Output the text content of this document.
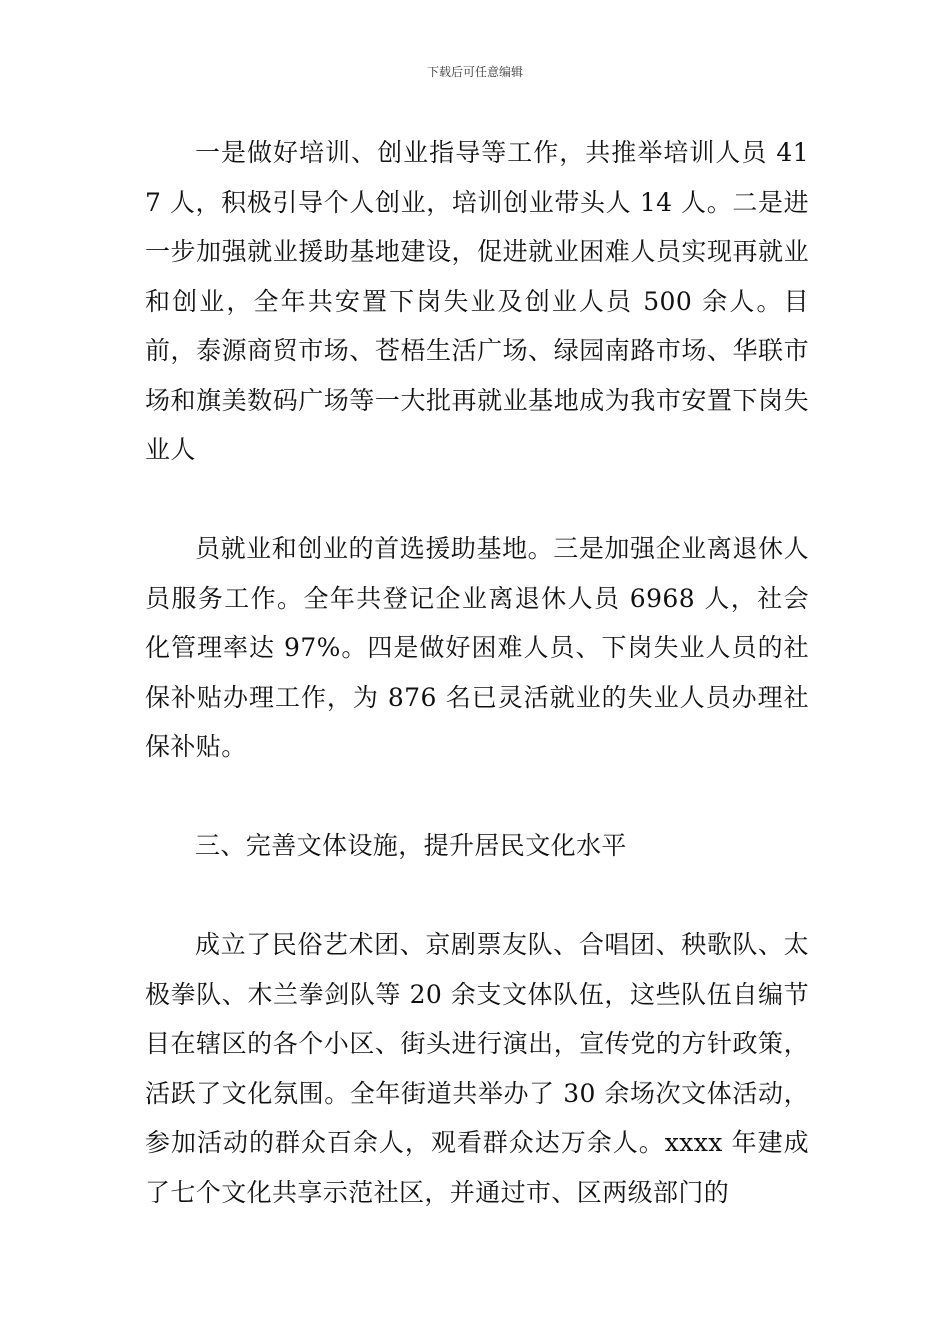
下载后可任意编辑

一是做好培训、创业指导等工作，共推举培训人员 417 人，积极引导个人创业，培训创业带头人 14 人。二是进一步加强就业援助基地建设，促进就业困难人员实现再就业和创业，全年共安置下岗失业及创业人员 500 余人。目前，泰源商贸市场、苍梧生活广场、绿园南路市场、华联市场和旗美数码广场等一大批再就业基地成为我市安置下岗失业人

员就业和创业的首选援助基地。三是加强企业离退休人员服务工作。全年共登记企业离退休人员 6968 人，社会化管理率达 97%。四是做好困难人员、下岗失业人员的社保补贴办理工作，为 876 名已灵活就业的失业人员办理社保补贴。

三、完善文体设施，提升居民文化水平

成立了民俗艺术团、京剧票友队、合唱团、秧歌队、太极拳队、木兰拳剑队等 20 余支文体队伍，这些队伍自编节目在辖区的各个小区、街头进行演出，宣传党的方针政策，活跃了文化氛围。全年街道共举办了 30 余场次文体活动，参加活动的群众百余人，观看群众达万余人。xxxx 年建成了七个文化共享示范社区，并通过市、区两级部门的
